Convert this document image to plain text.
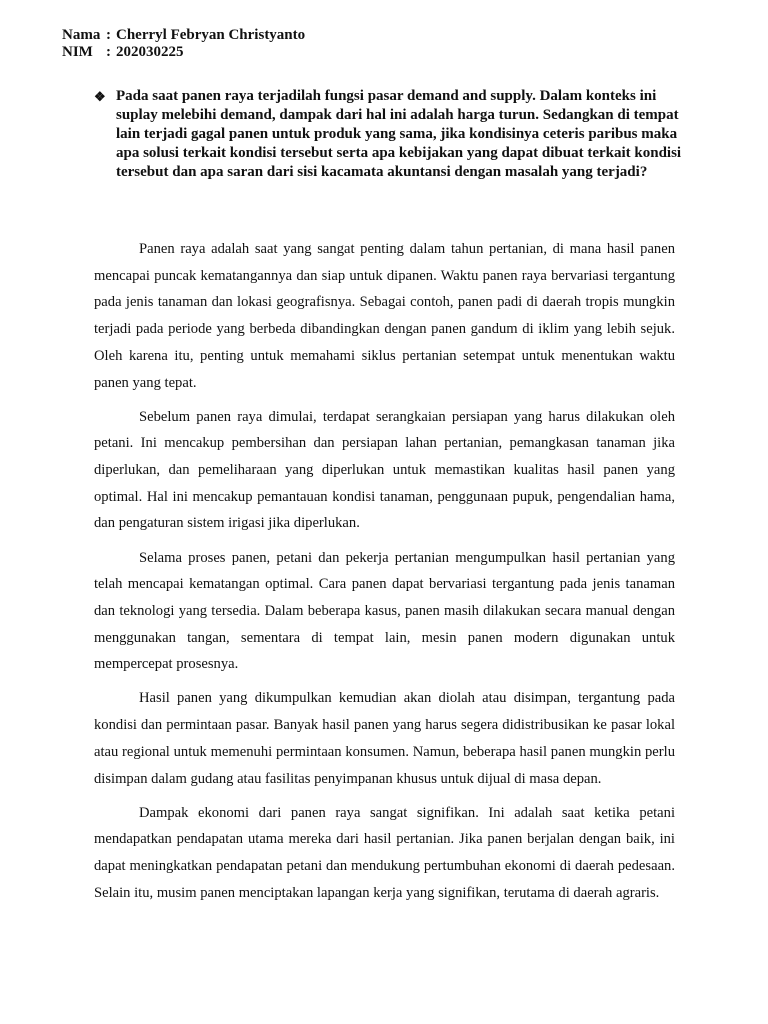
Nama : Cherryl Febryan Christyanto
NIM : 202030225
❖ Pada saat panen raya terjadilah fungsi pasar demand and supply. Dalam konteks ini suplay melebihi demand, dampak dari hal ini adalah harga turun. Sedangkan di tempat lain terjadi gagal panen untuk produk yang sama, jika kondisinya ceteris paribus maka apa solusi terkait kondisi tersebut serta apa kebijakan yang dapat dibuat terkait kondisi tersebut dan apa saran dari sisi kacamata akuntansi dengan masalah yang terjadi?

Panen raya adalah saat yang sangat penting dalam tahun pertanian, di mana hasil panen mencapai puncak kematangannya dan siap untuk dipanen. Waktu panen raya bervariasi tergantung pada jenis tanaman dan lokasi geografisnya. Sebagai contoh, panen padi di daerah tropis mungkin terjadi pada periode yang berbeda dibandingkan dengan panen gandum di iklim yang lebih sejuk. Oleh karena itu, penting untuk memahami siklus pertanian setempat untuk menentukan waktu panen yang tepat.

Sebelum panen raya dimulai, terdapat serangkaian persiapan yang harus dilakukan oleh petani. Ini mencakup pembersihan dan persiapan lahan pertanian, pemangkasan tanaman jika diperlukan, dan pemeliharaan yang diperlukan untuk memastikan kualitas hasil panen yang optimal. Hal ini mencakup pemantauan kondisi tanaman, penggunaan pupuk, pengendalian hama, dan pengaturan sistem irigasi jika diperlukan.

Selama proses panen, petani dan pekerja pertanian mengumpulkan hasil pertanian yang telah mencapai kematangan optimal. Cara panen dapat bervariasi tergantung pada jenis tanaman dan teknologi yang tersedia. Dalam beberapa kasus, panen masih dilakukan secara manual dengan menggunakan tangan, sementara di tempat lain, mesin panen modern digunakan untuk mempercepat prosesnya.

Hasil panen yang dikumpulkan kemudian akan diolah atau disimpan, tergantung pada kondisi dan permintaan pasar. Banyak hasil panen yang harus segera didistribusikan ke pasar lokal atau regional untuk memenuhi permintaan konsumen. Namun, beberapa hasil panen mungkin perlu disimpan dalam gudang atau fasilitas penyimpanan khusus untuk dijual di masa depan.

Dampak ekonomi dari panen raya sangat signifikan. Ini adalah saat ketika petani mendapatkan pendapatan utama mereka dari hasil pertanian. Jika panen berjalan dengan baik, ini dapat meningkatkan pendapatan petani dan mendukung pertumbuhan ekonomi di daerah pedesaan. Selain itu, musim panen menciptakan lapangan kerja yang signifikan, terutama di daerah agraris.
